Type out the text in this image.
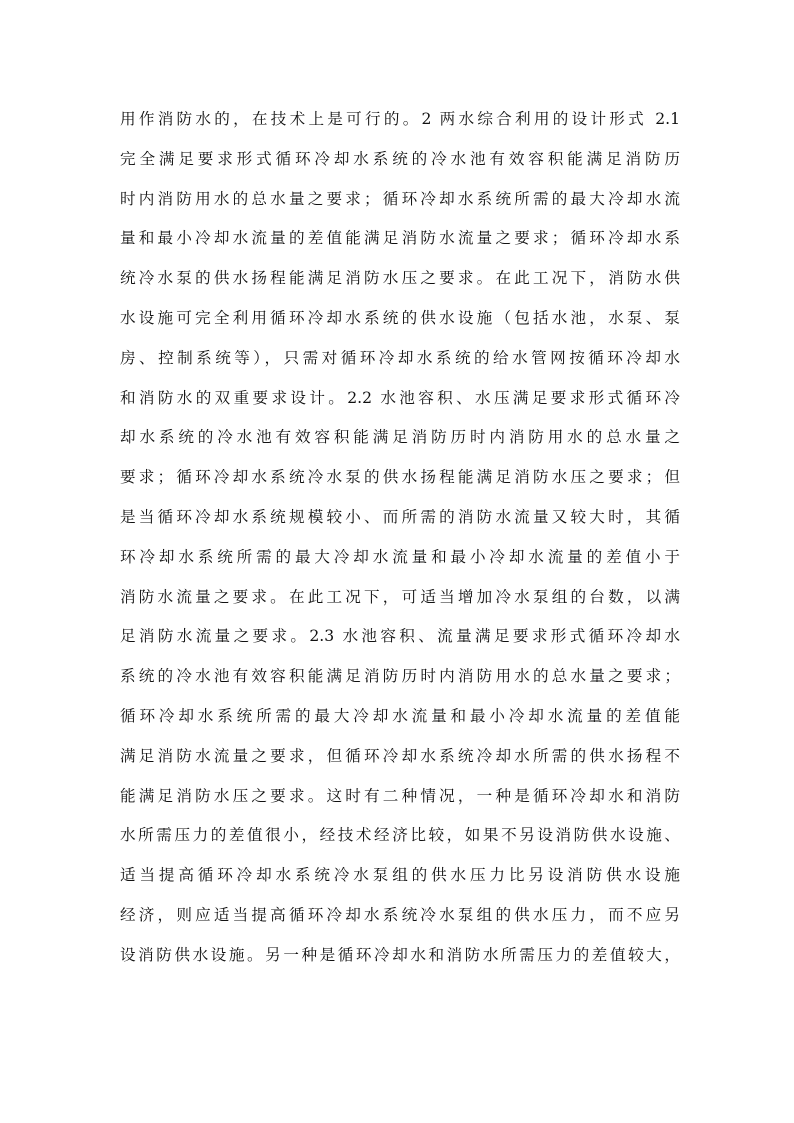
用作消防水的，在技术上是可行的。2 两水综合利用的设计形式 2.1
完全满足要求形式循环冷却水系统的冷水池有效容积能满足消防历
时内消防用水的总水量之要求；循环冷却水系统所需的最大冷却水流
量和最小冷却水流量的差值能满足消防水流量之要求；循环冷却水系
统冷水泵的供水扬程能满足消防水压之要求。在此工况下，消防水供
水设施可完全利用循环冷却水系统的供水设施（包括水池，水泵、泵
房、控制系统等），只需对循环冷却水系统的给水管网按循环冷却水
和消防水的双重要求设计。2.2 水池容积、水压满足要求形式循环冷
却水系统的冷水池有效容积能满足消防历时内消防用水的总水量之
要求；循环冷却水系统冷水泵的供水扬程能满足消防水压之要求；但
是当循环冷却水系统规模较小、而所需的消防水流量又较大时，其循
环冷却水系统所需的最大冷却水流量和最小冷却水流量的差值小于
消防水流量之要求。在此工况下，可适当增加冷水泵组的台数，以满
足消防水流量之要求。2.3 水池容积、流量满足要求形式循环冷却水
系统的冷水池有效容积能满足消防历时内消防用水的总水量之要求；
循环冷却水系统所需的最大冷却水流量和最小冷却水流量的差值能
满足消防水流量之要求，但循环冷却水系统冷却水所需的供水扬程不
能满足消防水压之要求。这时有二种情况，一种是循环冷却水和消防
水所需压力的差值很小，经技术经济比较，如果不另设消防供水设施、
适当提高循环冷却水系统冷水泵组的供水压力比另设消防供水设施
经济，则应适当提高循环冷却水系统冷水泵组的供水压力，而不应另
设消防供水设施。另一种是循环冷却水和消防水所需压力的差值较大，
